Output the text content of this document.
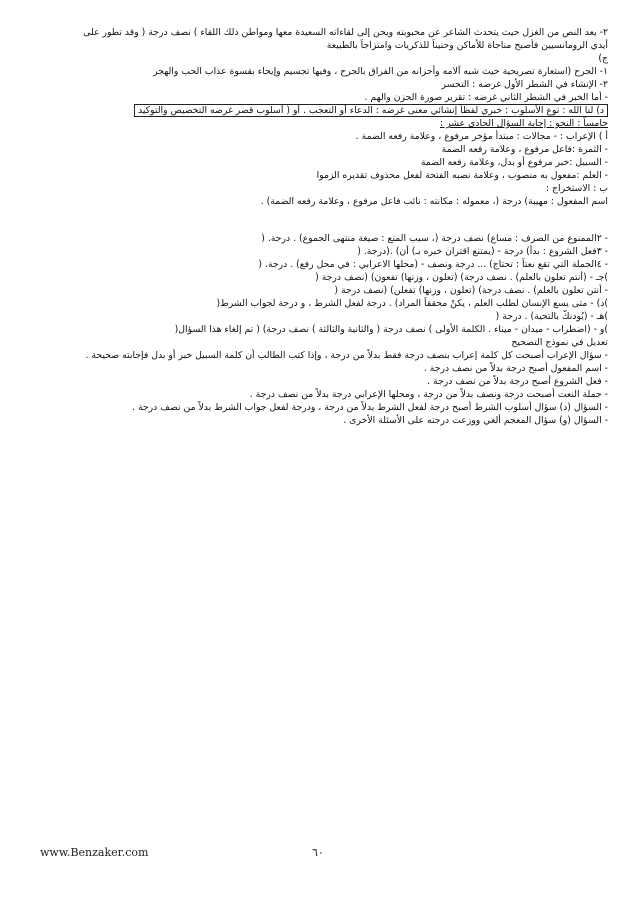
٢- يعد النص من الغزل حيث يتحدث الشاعر عن محبوبته ويحن إلى لقاءاته السعيدة معها ومواطن ذلك اللقاء ) نصف درجة ( وقد تطور على
أيدي الرومانسيين فأصبح مناجاة للأماكن وحنيناً للذكريات وامتزاجاً بالطبيعة
ج)
١- الجرح (استعارة تصريحية حيث شبه آلامه وأحزانه من الفراق بالجرح ، وفيها تجسيم وإيحاء بقسوة عذاب الحب والهجر
٢- الإنشاء في الشطر الأول غرضه : التحسر
- أما الخبر في الشطر الثاني غرضه : تقرير صورة الحزن والهم .
د) لنا الله : نوع الأسلوب : خبري لفظاً إنشائي معنى غرضه : الدعاء أو التعجب . أو ( أسلوب قصر غرضه التخصيص والتوكيد
خامساً : النحو : إجابة السؤال الحادي عشر :
أ ) الإعراب : - مجالات : مبتدأ مؤخر مرفوع ، وعلامة رفعه الضمة .
- الثمرة :فاعل مرفوع ، وعلامة رفعه الضمة
- السبيل :خبر مرفوع أو بدل، وعلامة رفعه الضمة
- العلم :مفعول به منصوب ، وعلامة نصبه الفتحة لفعل محذوف تقديره الزموا
ب : الاستخراج :
اسم المفعول : مهيبة) درجة (، معموله : مكانته : نائب فاعل مرفوع ، وعلامة رفعه الضمة) .
- ٢الممنوع من الصرف : مساع) نصف درجة (، سبب المنع : صيغة منتهى الجموع) . درجة. (
- ٣فعل الشروع : بدأ) درجة - (يمتنع اقتران خبره بـ) أن) .(درجة. (
- ٤الجملة التي تقع نعتاً : تحتاج) ... درجة ونصف - (محلها الاعرابي : في محل رفع) . درجة. (
)جـ - (أنتم تعلون بالعلم) . نصف درجة) (تعلون ، وزنها) تفعون) (نصف درجة (
- أنتن تعلون بالعلم) . نصف درجة) (تعلون ، وزنها) تفعلن) (نصف درجة (
)د) - متى يسع الإنسان لطلب العلم ، يكنْ محققاً المراد) . درجة لفعل الشرط ، و درجة لجواب الشرط(
)هـ - (يُودنكَّ بالتحية) . درجة (
)و - (اضطراب - ميدان - ميناء . الكلمة الأولى ) نصف درجة ( والثانية والثالثة ) نصف درجة) ( تم إلغاء هذا السؤال(
تعديل في نموذج التصحيح
- سؤال الإعراب أصبحت كل كلمة إعراب بنصف درجة فقط بدلاً من درجة ، وإذا كتب الطالب أن كلمة السبيل خبر أو بدل فإجابته صحيحة .
- اسم المفعول أصبح درجة بدلاً من نصف درجة .
- فعل الشروع أصبح درجة بدلاً من نصف درجة .
- جملة النعت أصبحت درجة ونصف بدلاً من درجة ، ومحلها الإعرابي درجة بدلاً من نصف درجة .
- السؤال (د) سؤال أسلوب الشرط أصبح درجة لفعل الشرط بدلاً من درجة ، ودرجة لفعل جواب الشرط بدلاً من نصف درجة .
- السؤال (و) سؤال المعجم ألغي ووزعت درجته على الأسئلة الأخرى .
www.Benzaker.com	٦٠
